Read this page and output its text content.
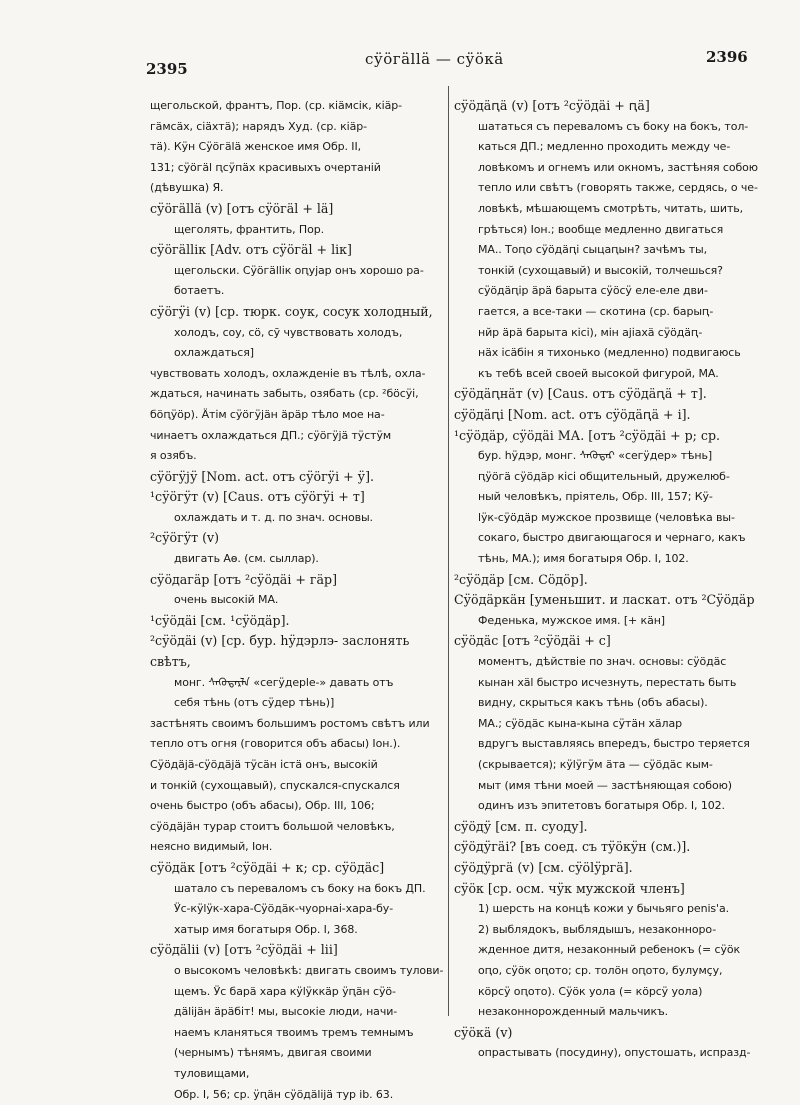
2395
сӱӧгӓllӓ — сӱӧкӓ	2396

щегольской, франтъ, Пор. (ср. кіӓмсік, кіӓр-

гӓмсӓх, сіӓхтӓ); нарядъ Худ. (ср. кіӓр-

тӓ). Кӱн Сӱӧгӓlӓ женское имя Обр. II,

131; сӱӧгӓl ԥсӱпӓх красивыхъ очертаній

(дѣвушка) Я.

сӱӧгӓllӓ (v) [отъ сӱӧгӓl + lӓ]

щеголять, франтить, Пор.

сӱӧгӓllік [Adv. отъ сӱӧгӓl + lік]

щегольски. Сӱӧгӓllік оԥуjар онъ хорошо ра-

ботаетъ.

сӱӧгӱі (v) [ср. тюрк. соук, сосук холодный,

холодъ, соу, сӧ, сӯ чувствовать холодъ,

охлаждаться]

чувствовать холодъ, охлажденіе въ тѣлѣ, охла-

ждаться, начинать забыть, озябать (ср. ²бӧсӱі,

бӧԥӱӧр). Ӓтім сӱӧгӱjӓн ӓрӓр тѣло мое на-

чинаетъ охлаждаться ДП.; сӱӧгӱjӓ тӱстӱм

я озябъ.

сӱӧгӱjӱ [Nom. act. отъ сӱӧгӱі + ӱ].

¹сӱӧгӱт (v) [Caus. отъ сӱӧгӱі + т]

охлаждать и т. д. по знач. основы.

²сӱӧгӱт (v)

двигать Аѳ. (см. сыллар).

сӱӧдагӓр [отъ ²сӱӧдӓі + гӓр]

очень высокій МА.

¹сӱӧдӓі [см. ¹сӱӧдӓр].

²сӱӧдӓі (v) [ср. бур. һӱдэрлэ- заслонять свѣтъ,

монг. ᠰᠡᠭᠦᠳᠡᠷᠯᠡ «сегӱдерlе-» давать отъ

себя тѣнь (отъ сӱдер тѣнь)]

застѣнять своимъ большимъ ростомъ свѣтъ или

тепло отъ огня (говорится объ абасы) Іон.).

Сӱӧдӓjӓ-сӱӧдӓjӓ тӱсӓн істӓ онъ, высокій

и тонкій (сухощавый), спускался-спускался

очень быстро (объ абасы), Обр. III, 106;

сӱӧдӓjӓн турар стоитъ большой человѣкъ,

неясно видимый, Іон.

сӱӧдӓк [отъ ²сӱӧдӓі + к; ср. сӱӧдӓс]

шатало съ переваломъ съ боку на бокъ ДП.

Ӱс-кӱlӱк-хара-Сӱӧдӓк-чуорнаі-хара-бу-

хатыр имя богатыря Обр. I, 368.

сӱӧдӓlіі (v) [отъ ²сӱӧдӓі + lіі]

о высокомъ человѣкѣ: двигать своимъ тулови-

щемъ. Ӱс барӓ хара кӱlӱккӓр ӱԥӓн сӱӧ-

дӓlіjӓн ӓрӓбіт! мы, высокіе люди, начи-

наемъ кланяться твоимъ тремъ темнымъ

(чернымъ) тѣнямъ, двигая своими туловищами,

Обр. I, 56; ср. ӱԥӓн сӱӧдӓlіjӓ тур ib. 63.

сӱӧдӓԥӓ (v) [отъ ²сӱӧдӓі + ԥӓ]

шататься съ переваломъ съ боку на бокъ, тол-

каться ДП.; медленно проходить между че-

ловѣкомъ и огнемъ или окномъ, застѣняя собою

тепло или свѣтъ (говорять также, сердясь, о че-

ловѣкѣ, мѣшающемъ смотрѣть, читать, шить,

грѣться) Іон.; вообще медленно двигаться

МА.. Тоԥо сӱӧдӓԥі сыцаԥын? зачѣмъ ты,

тонкій (сухощавый) и высокій, толчешься?

сӱӧдӓԥір ӓрӓ барыта сӱӧсӱ еле-еле дви-

гается, а все-таки — скотина (ср. барыԥ-

нйр ӓрӓ барыта кісі), мін аjіахӓ сӱӧдӓԥ-

нӓх ісӓбін я тихонько (медленно) подвигаюсь

къ тебѣ всей своей высокой фигурой, МА.

сӱӧдӓԥнӓт (v) [Caus. отъ сӱӧдӓԥӓ + т].

сӱӧдӓԥі [Nom. act. отъ сӱӧдӓԥӓ + і].

¹сӱӧдӓр, сӱӧдӓі МА. [отъ ²сӱӧдӓі + р; ср.

бур. һӱдэр, монг. ᠰᠡᠭᠦᠳᠡᠷ «сегӱдер» тѣнь]

ԥӱӧгӓ сӱӧдӓр кісі общительный, дружелюб-

ный человѣкъ, пріятель, Обр. III, 157; Кӱ-

lӱк-сӱӧдӓр мужское прозвище (человѣка вы-

сокаго, быстро двигающагося и чернаго, какъ

тѣнь, МА.); имя богатыря Обр. I, 102.

²сӱӧдӓр [см. Сӧдӧр].

Сӱӧдӓркӓн [уменьшит. и ласкат. отъ ²Сӱӧдӓр

Феденька, мужское имя. [+ кӓн]

сӱӧдӓс [отъ ²сӱӧдӓі + с]

моментъ, дѣйствіе по знач. основы: сӱӧдӓс

кынан хӓl быстро исчезнуть, перестать быть

видну, скрыться какъ тѣнь (объ абасы).

МА.; сӱӧдӓс кына-кына сӱтӓн хӓлар

вдругъ выставляясь впередъ, быстро теряется

(скрывается); кӱlӱгӱм ӓта — сӱӧдӓс кым-

мыт (имя тѣни моей — застѣняющая собою)

одинъ изъ эпитетовъ богатыря Обр. I, 102.

сӱӧдӱ [см. п. суоду].

сӱӧдӱгӓі? [въ соед. съ тӱӧкӱн (см.)].

сӱӧдӱргӓ (v) [см. сӱӧlӱргӓ].

сӱӧк [ср. осм. чӱк мужской членъ]

1) шерсть на концѣ кожи у бычьяго penis'а.

2) выблядокъ, выблядышъ, незаконнорo-

жденное дитя, незаконный ребенокъ (= сӱӧк

оԥо, сӱӧк оԥото; ср. толӧн оԥото, булумҫу,

кӧрсӱ оԥото). Сӱӧк уола (= кӧрсӱ уола)

незаконнорожденный мальчикъ.

сӱӧкӓ (v)

опрастывать (посудину), опустошать, испразд-
